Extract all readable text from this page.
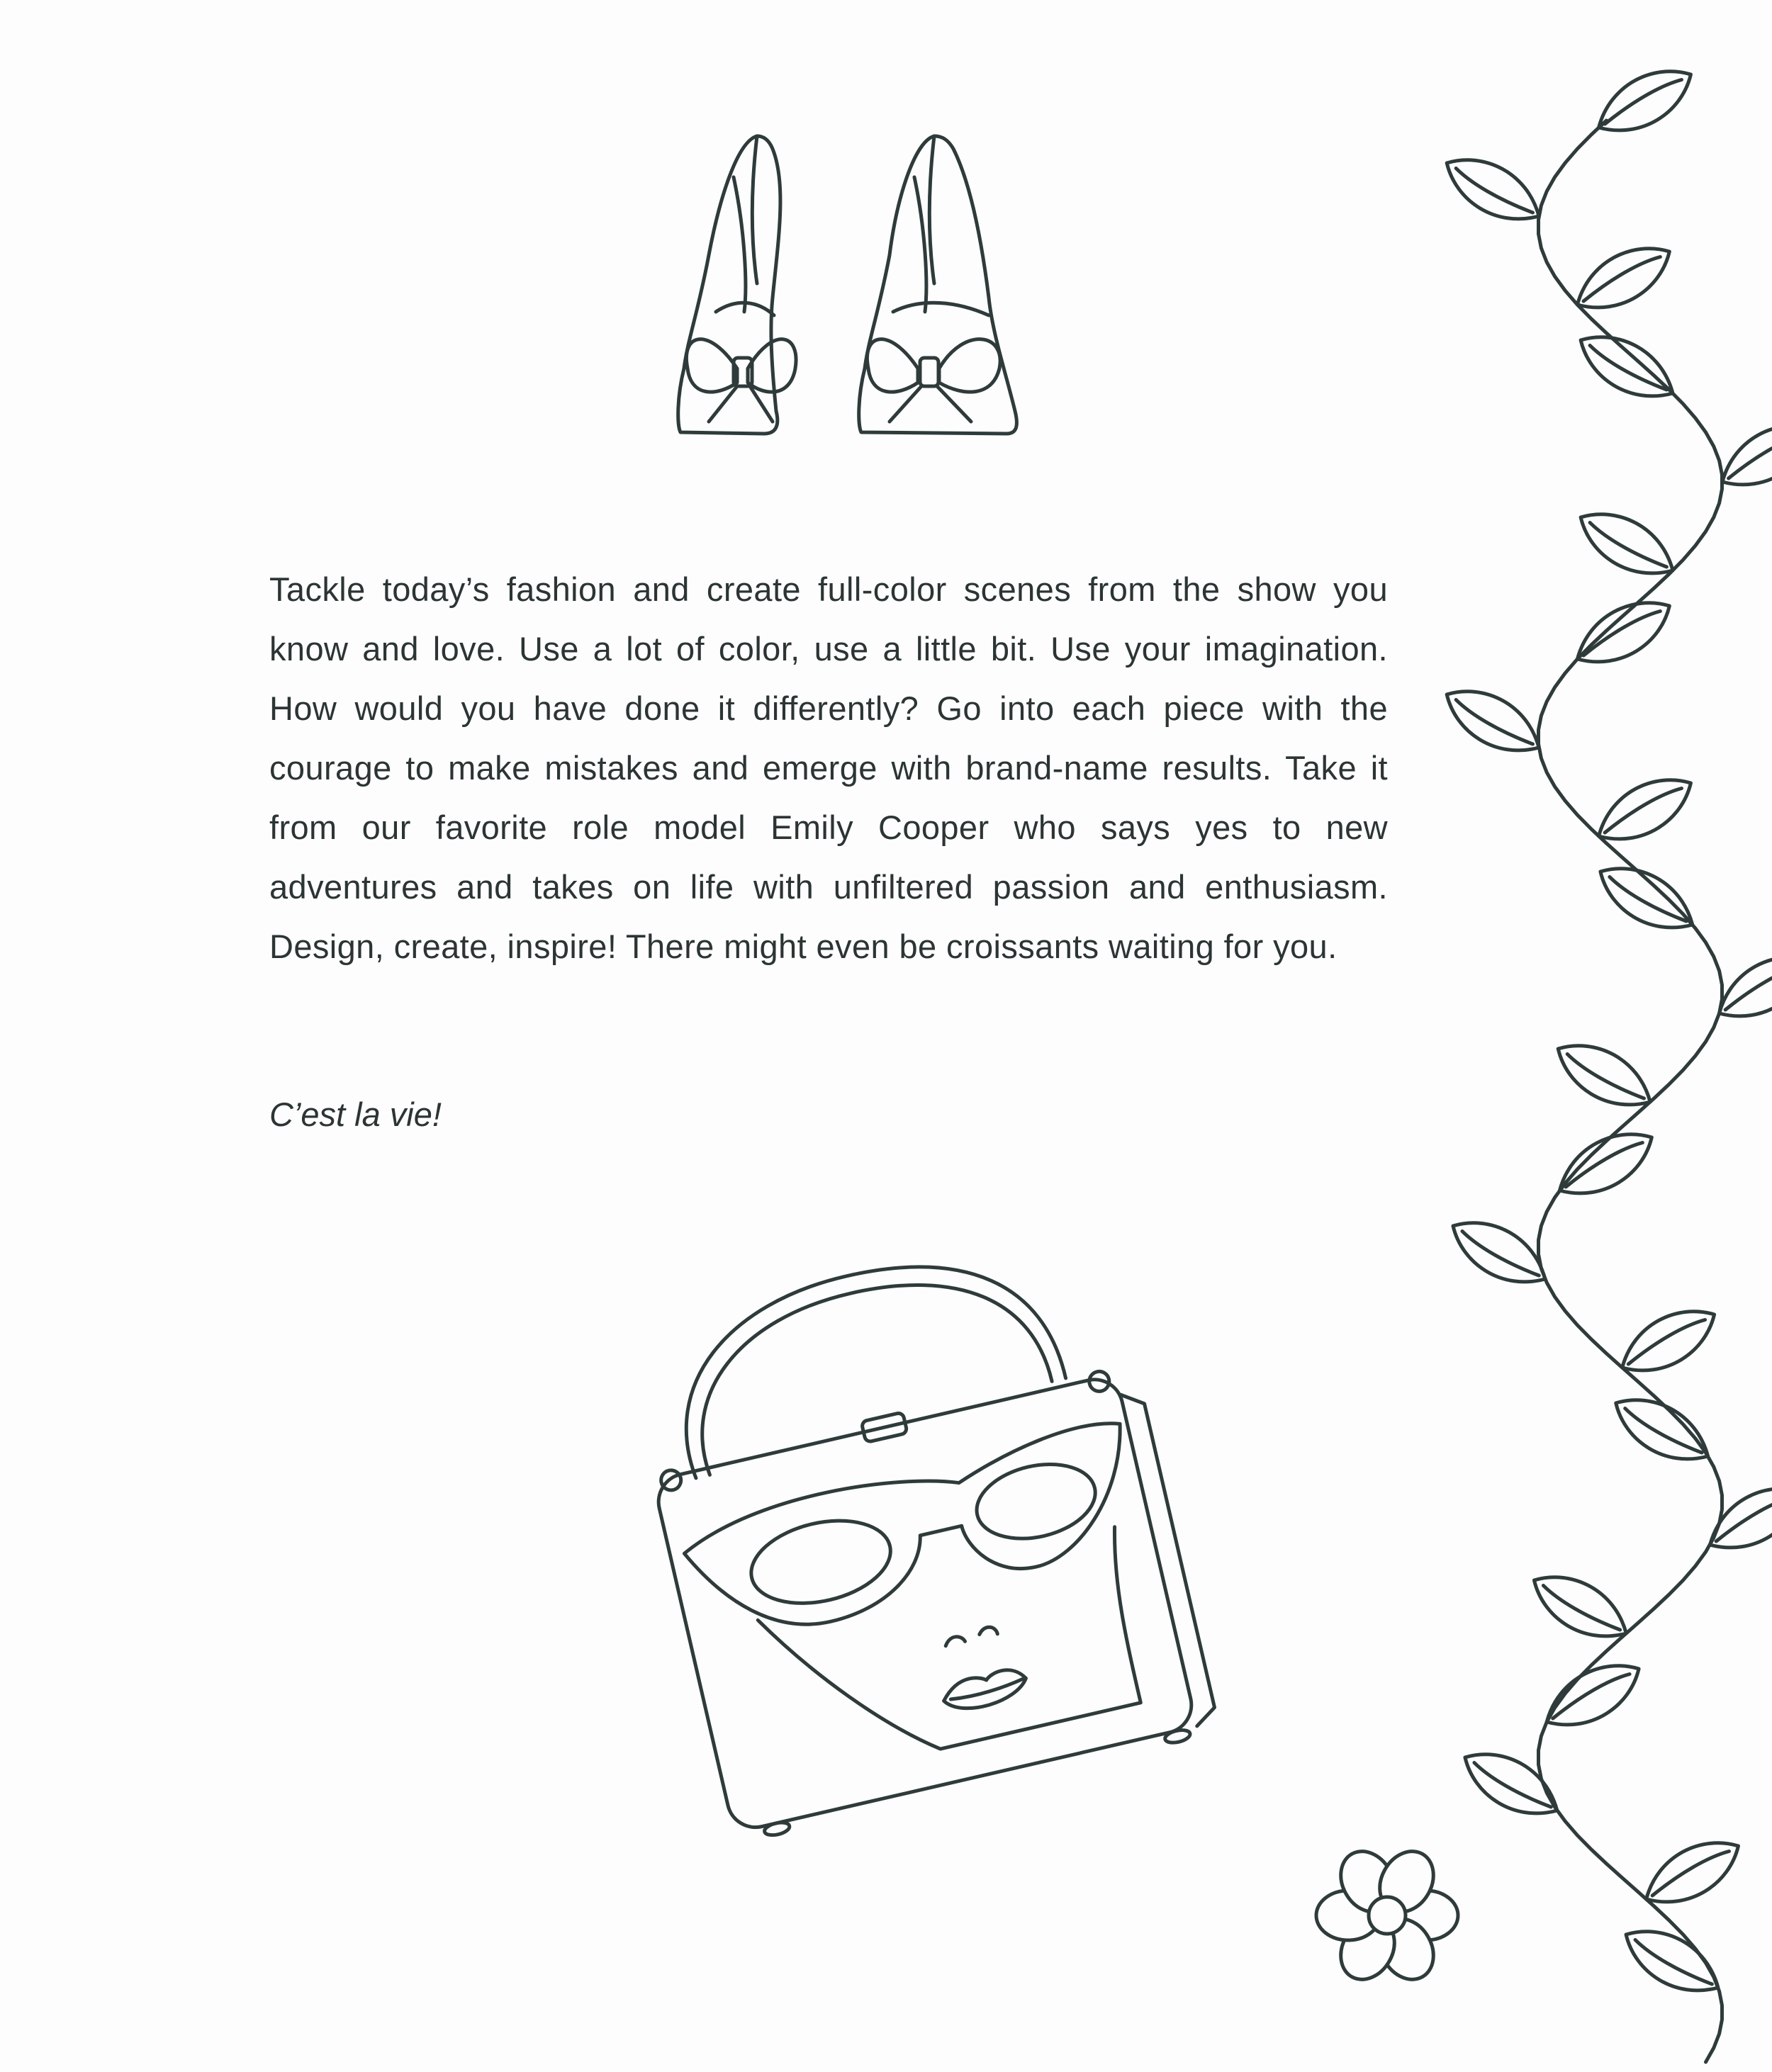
Tackle today’s fashion and create full-color scenes from the show you know and love. Use a lot of color, use a little bit. Use your imagination. How would you have done it differently? Go into each piece with the courage to make mistakes and emerge with brand-name results. Take it from our favorite role model Emily Cooper who says yes to new adventures and takes on life with unfiltered passion and enthusiasm. Design, create, inspire! There might even be croissants waiting for you.

C’est la vie!
